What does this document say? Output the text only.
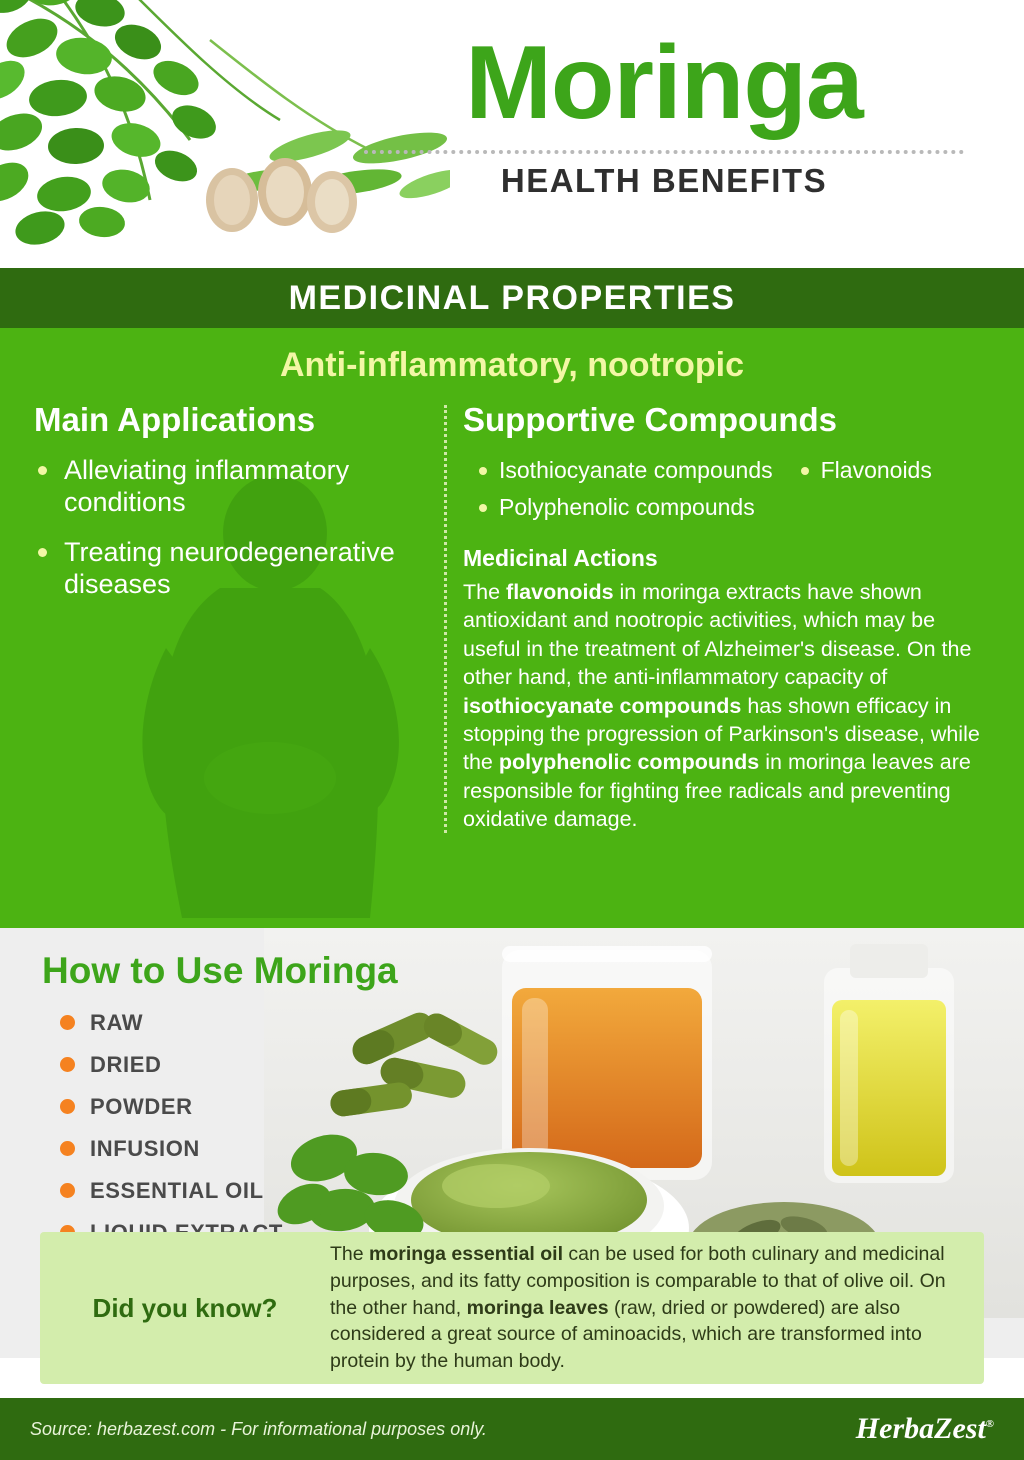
Moringa
HEALTH BENEFITS
MEDICINAL PROPERTIES
Anti-inflammatory, nootropic
Main Applications
Alleviating inflammatory conditions
Treating neurodegenerative diseases
Supportive Compounds
Isothiocyanate compounds	Flavonoids
Polyphenolic compounds
Medicinal Actions

The flavonoids in moringa extracts have shown antioxidant and nootropic activities, which may be useful in the treatment of Alzheimer's disease. On the other hand, the anti-inflammatory capacity of isothiocyanate compounds has shown efficacy in stopping the progression of Parkinson's disease, while the polyphenolic compounds in moringa leaves are responsible for fighting free radicals and preventing oxidative damage.

How to Use Moringa
RAW
DRIED
POWDER
INFUSION
ESSENTIAL OIL
Did you know?
The moringa essential oil can be used for both culinary and medicinal purposes, and its fatty composition is comparable to that of olive oil. On the other hand, moringa leaves (raw, dried or powdered) are also considered a great source of aminoacids, which are transformed into protein by the human body.
Source: herbazest.com - For informational purposes only.	HerbaZest®
